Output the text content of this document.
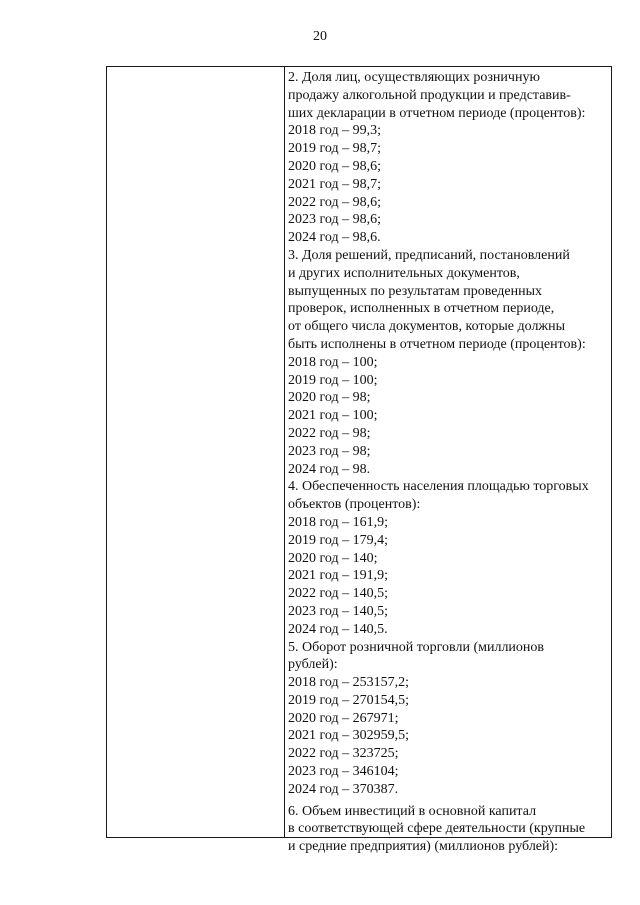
20
2. Доля лиц, осуществляющих розничную
продажу алкогольной продукции и представив-
ших декларации в отчетном периоде (процентов):
2018 год – 99,3;
2019 год – 98,7;
2020 год – 98,6;
2021 год – 98,7;
2022 год – 98,6;
2023 год – 98,6;
2024 год – 98,6.
3. Доля решений, предписаний, постановлений
и других исполнительных документов,
выпущенных по результатам проведенных
проверок, исполненных в отчетном периоде,
от общего числа документов, которые должны
быть исполнены в отчетном периоде (процентов):
2018 год – 100;
2019 год – 100;
2020 год – 98;
2021 год – 100;
2022 год – 98;
2023 год – 98;
2024 год – 98.
4. Обеспеченность населения площадью торговых
объектов (процентов):
2018 год – 161,9;
2019 год – 179,4;
2020 год – 140;
2021 год – 191,9;
2022 год – 140,5;
2023 год – 140,5;
2024 год – 140,5.
5. Оборот розничной торговли (миллионов
рублей):
2018 год – 253157,2;
2019 год – 270154,5;
2020 год – 267971;
2021 год – 302959,5;
2022 год – 323725;
2023 год – 346104;
2024 год – 370387.
6. Объем инвестиций в основной капитал
в соответствующей сфере деятельности (крупные
и средние предприятия) (миллионов рублей):
